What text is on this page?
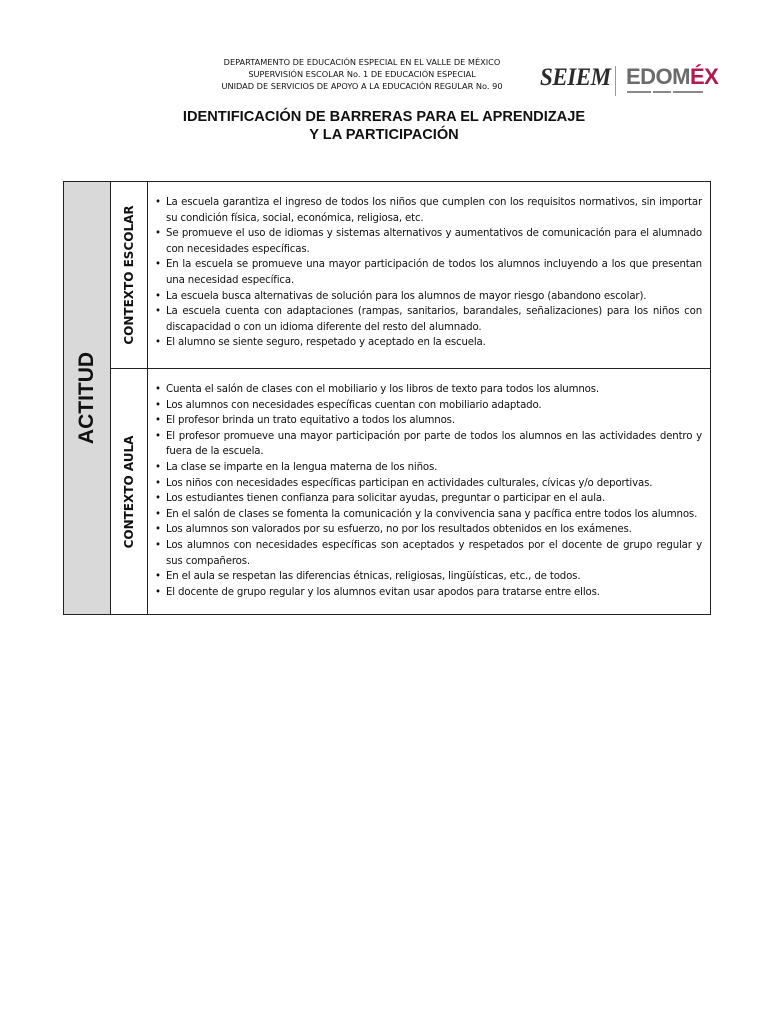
DEPARTAMENTO DE EDUCACIÓN ESPECIAL EN EL VALLE DE MÉXICO
SUPERVISIÓN ESCOLAR No. 1 DE EDUCACIÓN ESPECIAL
UNIDAD DE SERVICIOS DE APOYO A LA EDUCACIÓN REGULAR No. 90	SEIEM EDOMÉX
IDENTIFICACIÓN DE BARRERAS PARA EL APRENDIZAJE
Y LA PARTICIPACIÓN
ACTITUD
CONTEXTO ESCOLAR
• La escuela garantiza el ingreso de todos los niños que cumplen con los requisitos normativos, sin importar su condición física, social, económica, religiosa, etc.
• Se promueve el uso de idiomas y sistemas alternativos y aumentativos de comunicación para el alumnado con necesidades específicas.
• En la escuela se promueve una mayor participación de todos los alumnos incluyendo a los que presentan una necesidad específica.
• La escuela busca alternativas de solución para los alumnos de mayor riesgo (abandono escolar).
• La escuela cuenta con adaptaciones (rampas, sanitarios, barandales, señalizaciones) para los niños con discapacidad o con un idioma diferente del resto del alumnado.
• El alumno se siente seguro, respetado y aceptado en la escuela.
CONTEXTO AULA
• Cuenta el salón de clases con el mobiliario y los libros de texto para todos los alumnos.
• Los alumnos con necesidades específicas cuentan con mobiliario adaptado.
• El profesor brinda un trato equitativo a todos los alumnos.
• El profesor promueve una mayor participación por parte de todos los alumnos en las actividades dentro y fuera de la escuela.
• La clase se imparte en la lengua materna de los niños.
• Los niños con necesidades específicas participan en actividades culturales, cívicas y/o deportivas.
• Los estudiantes tienen confianza para solicitar ayudas, preguntar o participar en el aula.
• En el salón de clases se fomenta la comunicación y la convivencia sana y pacífica entre todos los alumnos.
• Los alumnos son valorados por su esfuerzo, no por los resultados obtenidos en los exámenes.
• Los alumnos con necesidades específicas son aceptados y respetados por el docente de grupo regular y sus compañeros.
• En el aula se respetan las diferencias étnicas, religiosas, lingüísticas, etc., de todos.
• El docente de grupo regular y los alumnos evitan usar apodos para tratarse entre ellos.
